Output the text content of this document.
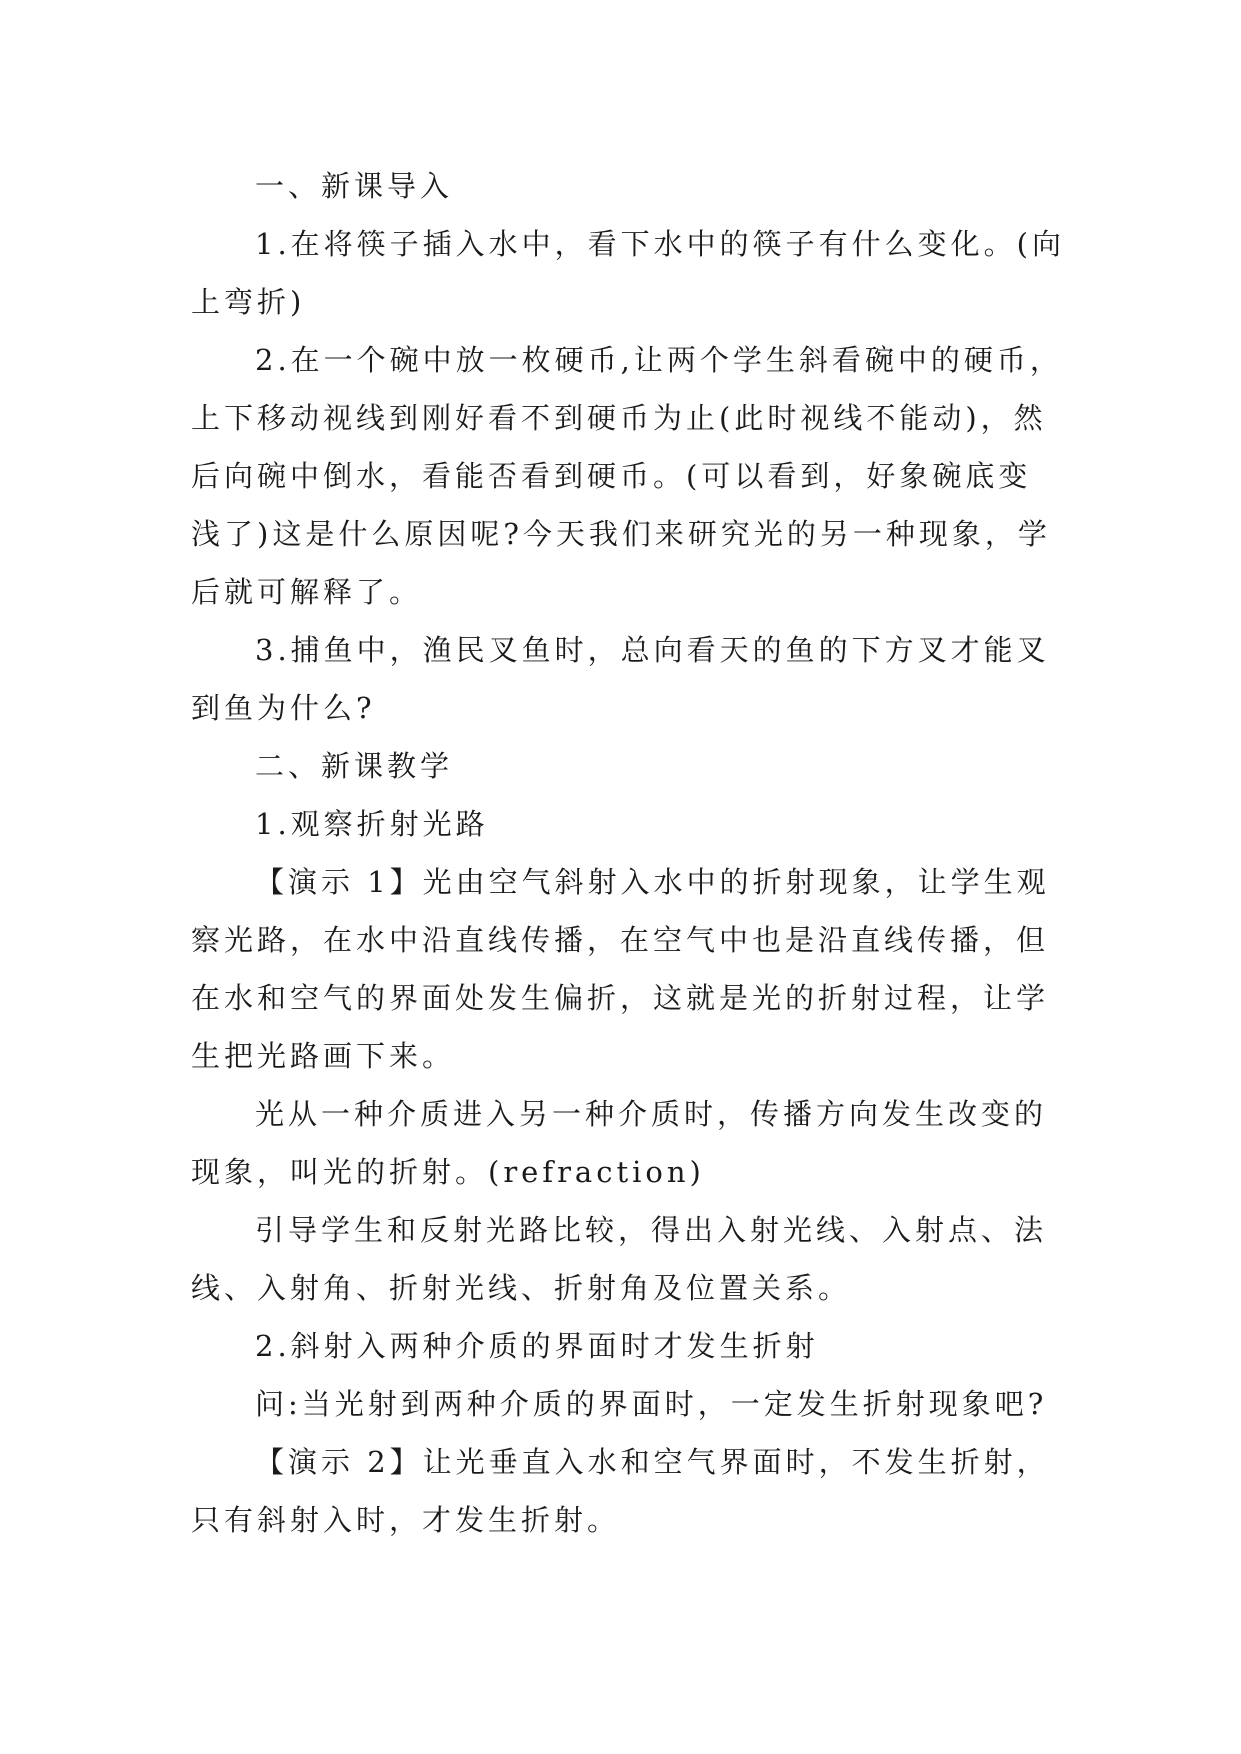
一、新课导入
1.在将筷子插入水中，看下水中的筷子有什么变化。(向
上弯折)
2.在一个碗中放一枚硬币,让两个学生斜看碗中的硬币，
上下移动视线到刚好看不到硬币为止(此时视线不能动)，然
后向碗中倒水，看能否看到硬币。(可以看到，好象碗底变
浅了)这是什么原因呢?今天我们来研究光的另一种现象，学
后就可解释了。
3.捕鱼中，渔民叉鱼时，总向看天的鱼的下方叉才能叉
到鱼为什么?
二、新课教学
1.观察折射光路
【演示 1】光由空气斜射入水中的折射现象，让学生观
察光路，在水中沿直线传播，在空气中也是沿直线传播，但
在水和空气的界面处发生偏折，这就是光的折射过程，让学
生把光路画下来。
光从一种介质进入另一种介质时，传播方向发生改变的
现象，叫光的折射。(refraction)
引导学生和反射光路比较，得出入射光线、入射点、法
线、入射角、折射光线、折射角及位置关系。
2.斜射入两种介质的界面时才发生折射
问:当光射到两种介质的界面时，一定发生折射现象吧?
【演示 2】让光垂直入水和空气界面时，不发生折射，
只有斜射入时，才发生折射。
